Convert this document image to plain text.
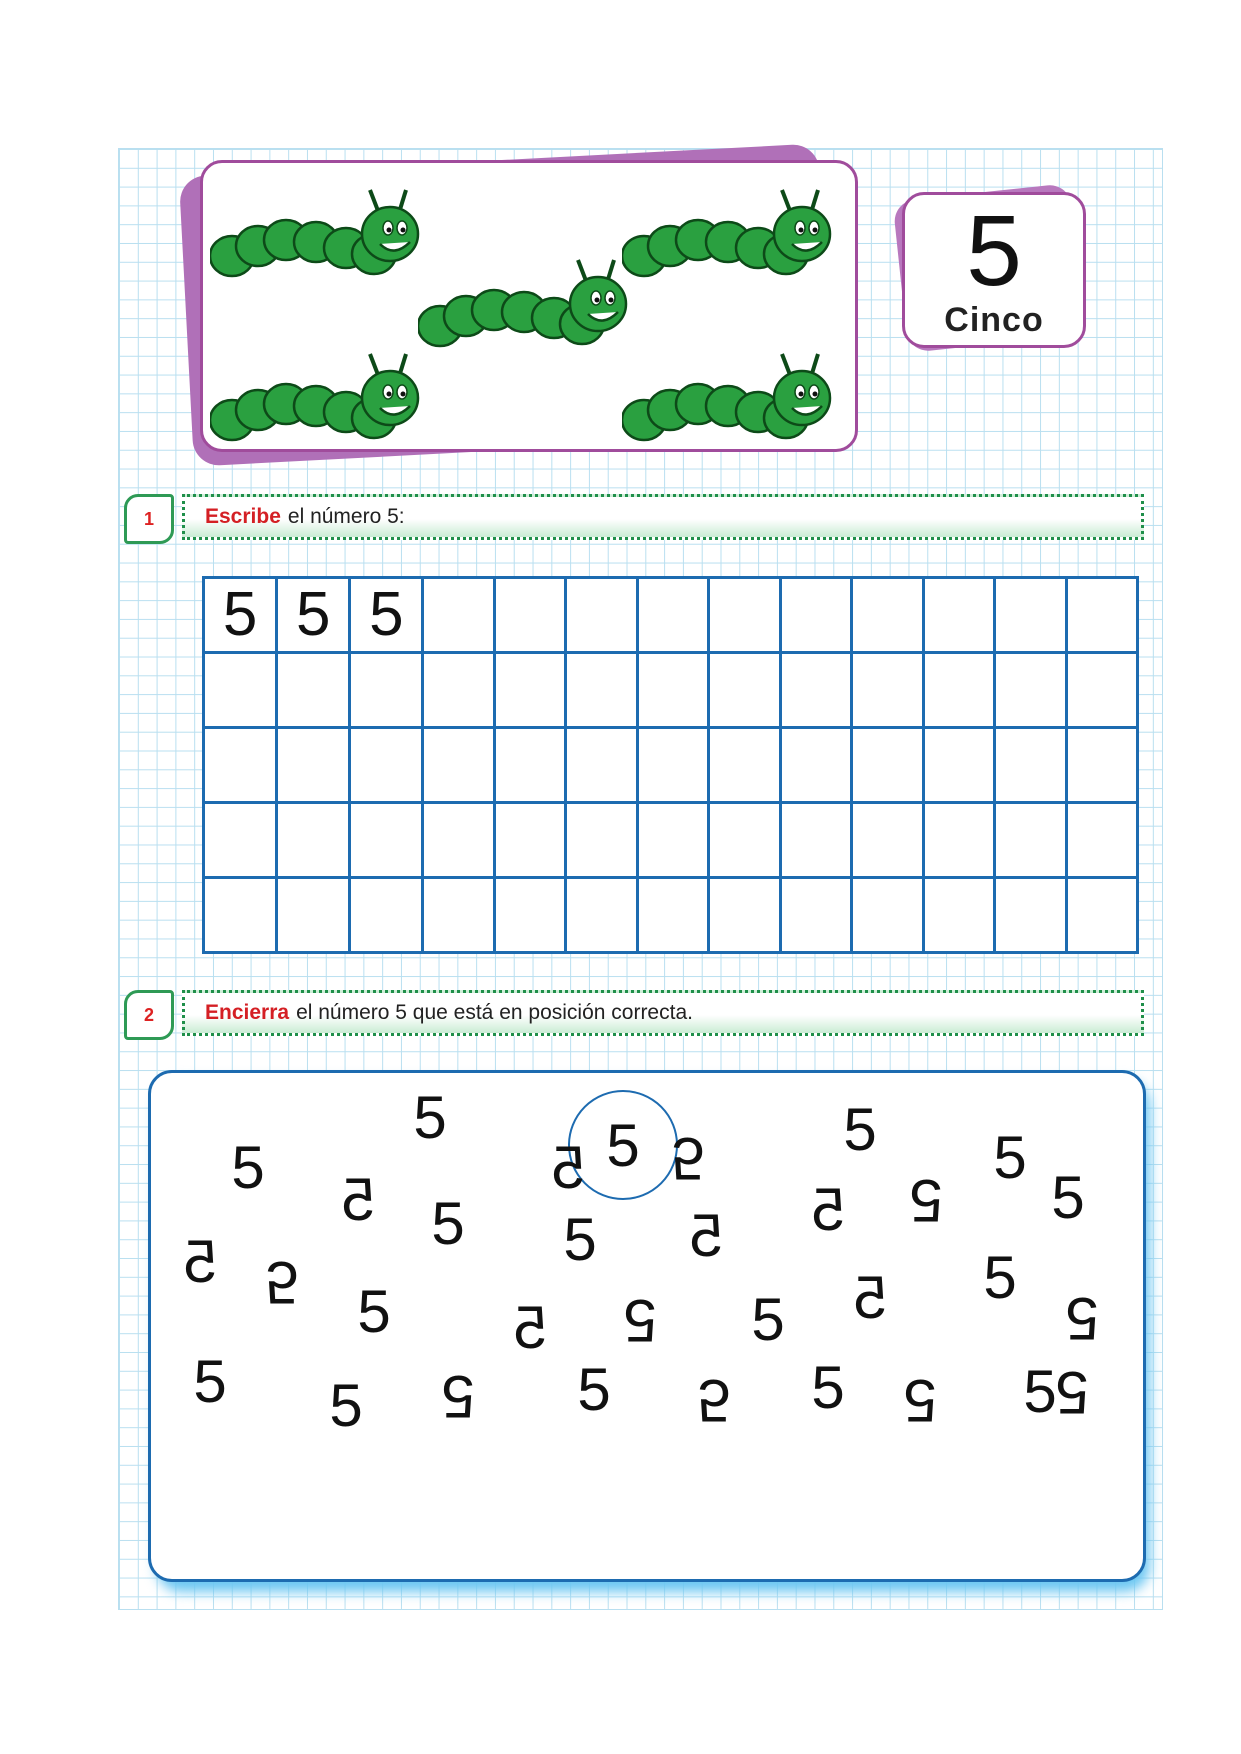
5
Cinco
1 Escribe el número 5:
5	5	5										

2 Encierra el número 5 que está en posición correcta.
5
5 5
5
5
5 5 5 5
5 5
5 5 5 5 5
5 5 5 5 5 5
5
5 5 5 5 5 5 5 5
5
